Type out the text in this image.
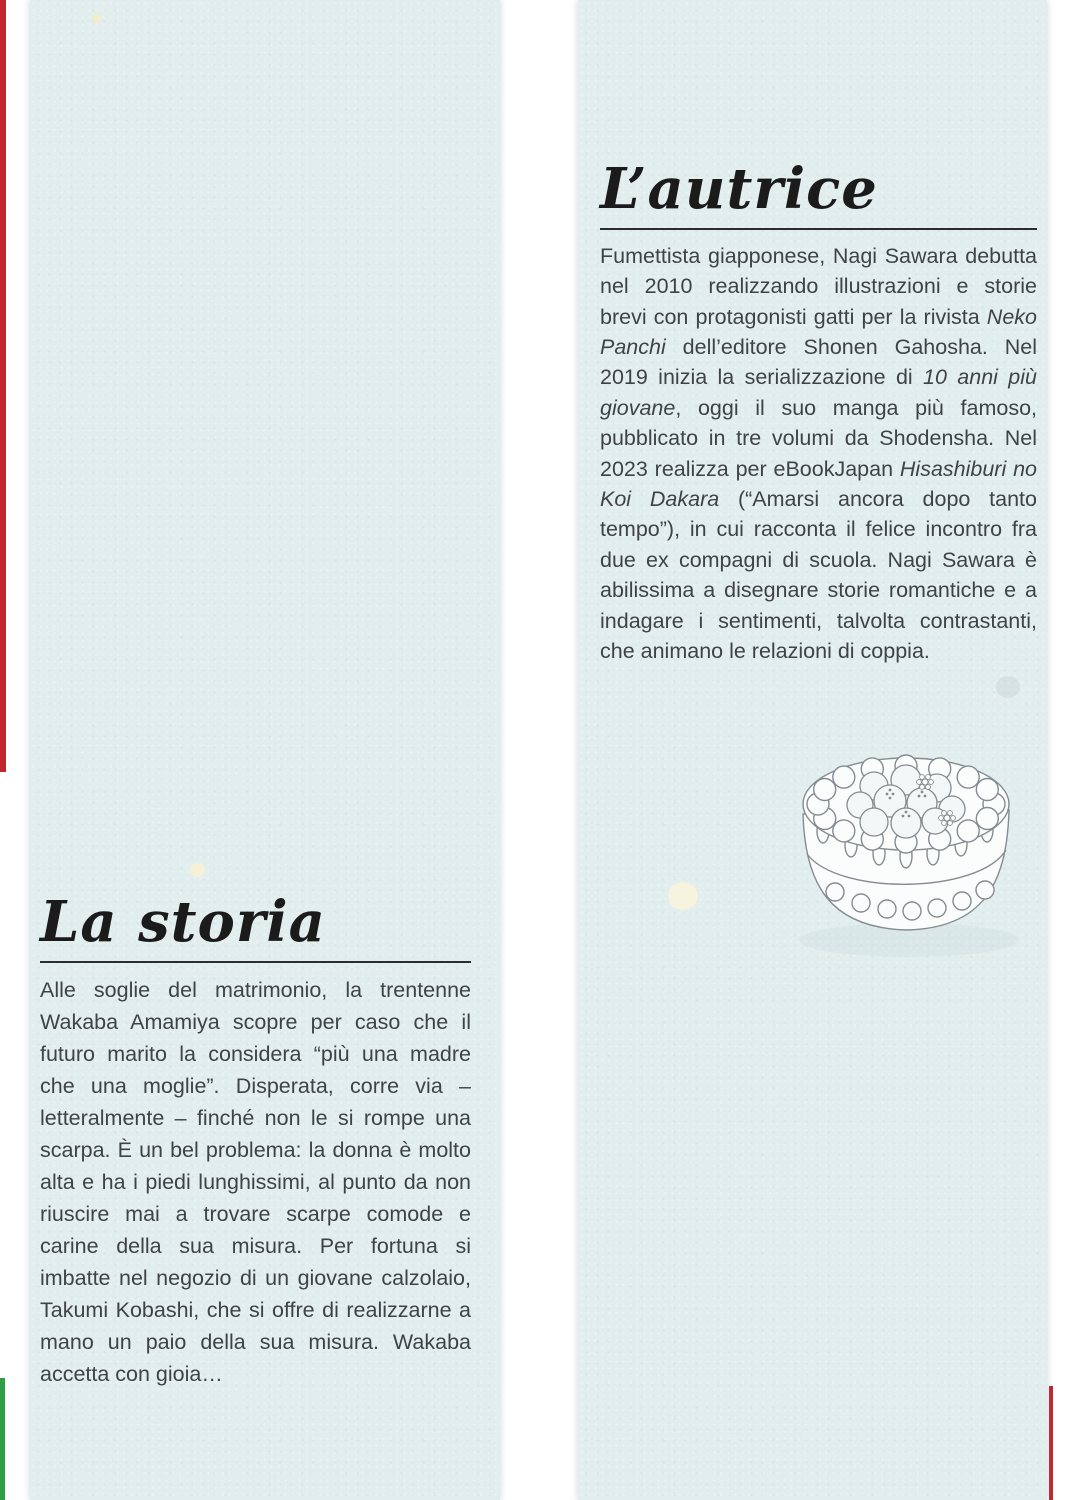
La storia

Alle soglie del matrimonio, la trentenne Wakaba Amamiya scopre per caso che il futuro marito la considera “più una madre che una moglie”. Disperata, corre via – letteralmente – finché non le si rompe una scarpa. È un bel problema: la donna è molto alta e ha i piedi lunghissimi, al punto da non riuscire mai a trovare scarpe comode e carine della sua misura. Per fortuna si imbatte nel negozio di un giovane calzolaio, Takumi Kobashi, che si offre di realizzarne a mano un paio della sua misura. Wakaba accetta con gioia…

L’autrice

Fumettista giapponese, Nagi Sawara debutta nel 2010 realizzando illustrazioni e storie brevi con protagonisti gatti per la rivista Neko Panchi dell’editore Shonen Gahosha. Nel 2019 inizia la serializzazione di 10 anni più giovane, oggi il suo manga più famoso, pubblicato in tre volumi da Shodensha. Nel 2023 realizza per eBookJapan Hisashiburi no Koi Dakara (“Amarsi ancora dopo tanto tempo”), in cui racconta il felice incontro fra due ex compagni di scuola. Nagi Sawara è abilissima a disegnare storie romantiche e a indagare i sentimenti, talvolta contrastanti, che animano le relazioni di coppia.
